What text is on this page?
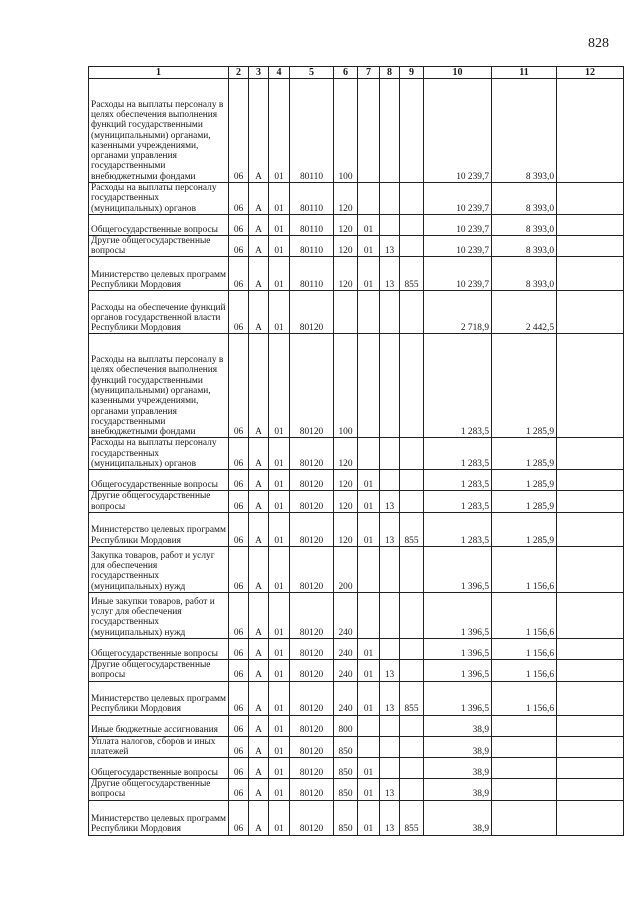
828
1	2	3	4	5	6	7	8	9	10	11	12
Расходы на выплаты персоналу в целях обеспечения выполнения функций государственными (муниципальными) органами, казенными учреждениями, органами управления государственными внебюджетными фондами	06	А	01	80110	100				10 239,7	8 393,0	
Расходы на выплаты персоналу государственных (муниципальных) органов	06	А	01	80110	120				10 239,7	8 393,0	
Общегосударственные вопросы	06	А	01	80110	120	01			10 239,7	8 393,0	
Другие общегосударственные вопросы	06	А	01	80110	120	01	13		10 239,7	8 393,0	
Министерство целевых программ Республики Мордовия	06	А	01	80110	120	01	13	855	10 239,7	8 393,0	
Расходы на обеспечение функций органов государственной власти Республики Мордовия	06	А	01	80120					2 718,9	2 442,5	
Расходы на выплаты персоналу в целях обеспечения выполнения функций государственными (муниципальными) органами, казенными учреждениями, органами управления государственными внебюджетными фондами	06	А	01	80120	100				1 283,5	1 285,9	
Расходы на выплаты персоналу государственных (муниципальных) органов	06	А	01	80120	120				1 283,5	1 285,9	
Общегосударственные вопросы	06	А	01	80120	120	01			1 283,5	1 285,9	
Другие общегосударственные вопросы	06	А	01	80120	120	01	13		1 283,5	1 285,9	
Министерство целевых программ Республики Мордовия	06	А	01	80120	120	01	13	855	1 283,5	1 285,9	
Закупка товаров, работ и услуг для обеспечения государственных (муниципальных) нужд	06	А	01	80120	200				1 396,5	1 156,6	
Иные закупки товаров, работ и услуг для обеспечения государственных (муниципальных) нужд	06	А	01	80120	240				1 396,5	1 156,6	
Общегосударственные вопросы	06	А	01	80120	240	01			1 396,5	1 156,6	
Другие общегосударственные вопросы	06	А	01	80120	240	01	13		1 396,5	1 156,6	
Министерство целевых программ Республики Мордовия	06	А	01	80120	240	01	13	855	1 396,5	1 156,6	
Иные бюджетные ассигнования	06	А	01	80120	800				38,9		
Уплата налогов, сборов и иных платежей	06	А	01	80120	850				38,9		
Общегосударственные вопросы	06	А	01	80120	850	01			38,9		
Другие общегосударственные вопросы	06	А	01	80120	850	01	13		38,9		
Министерство целевых программ Республики Мордовия	06	А	01	80120	850	01	13	855	38,9		
